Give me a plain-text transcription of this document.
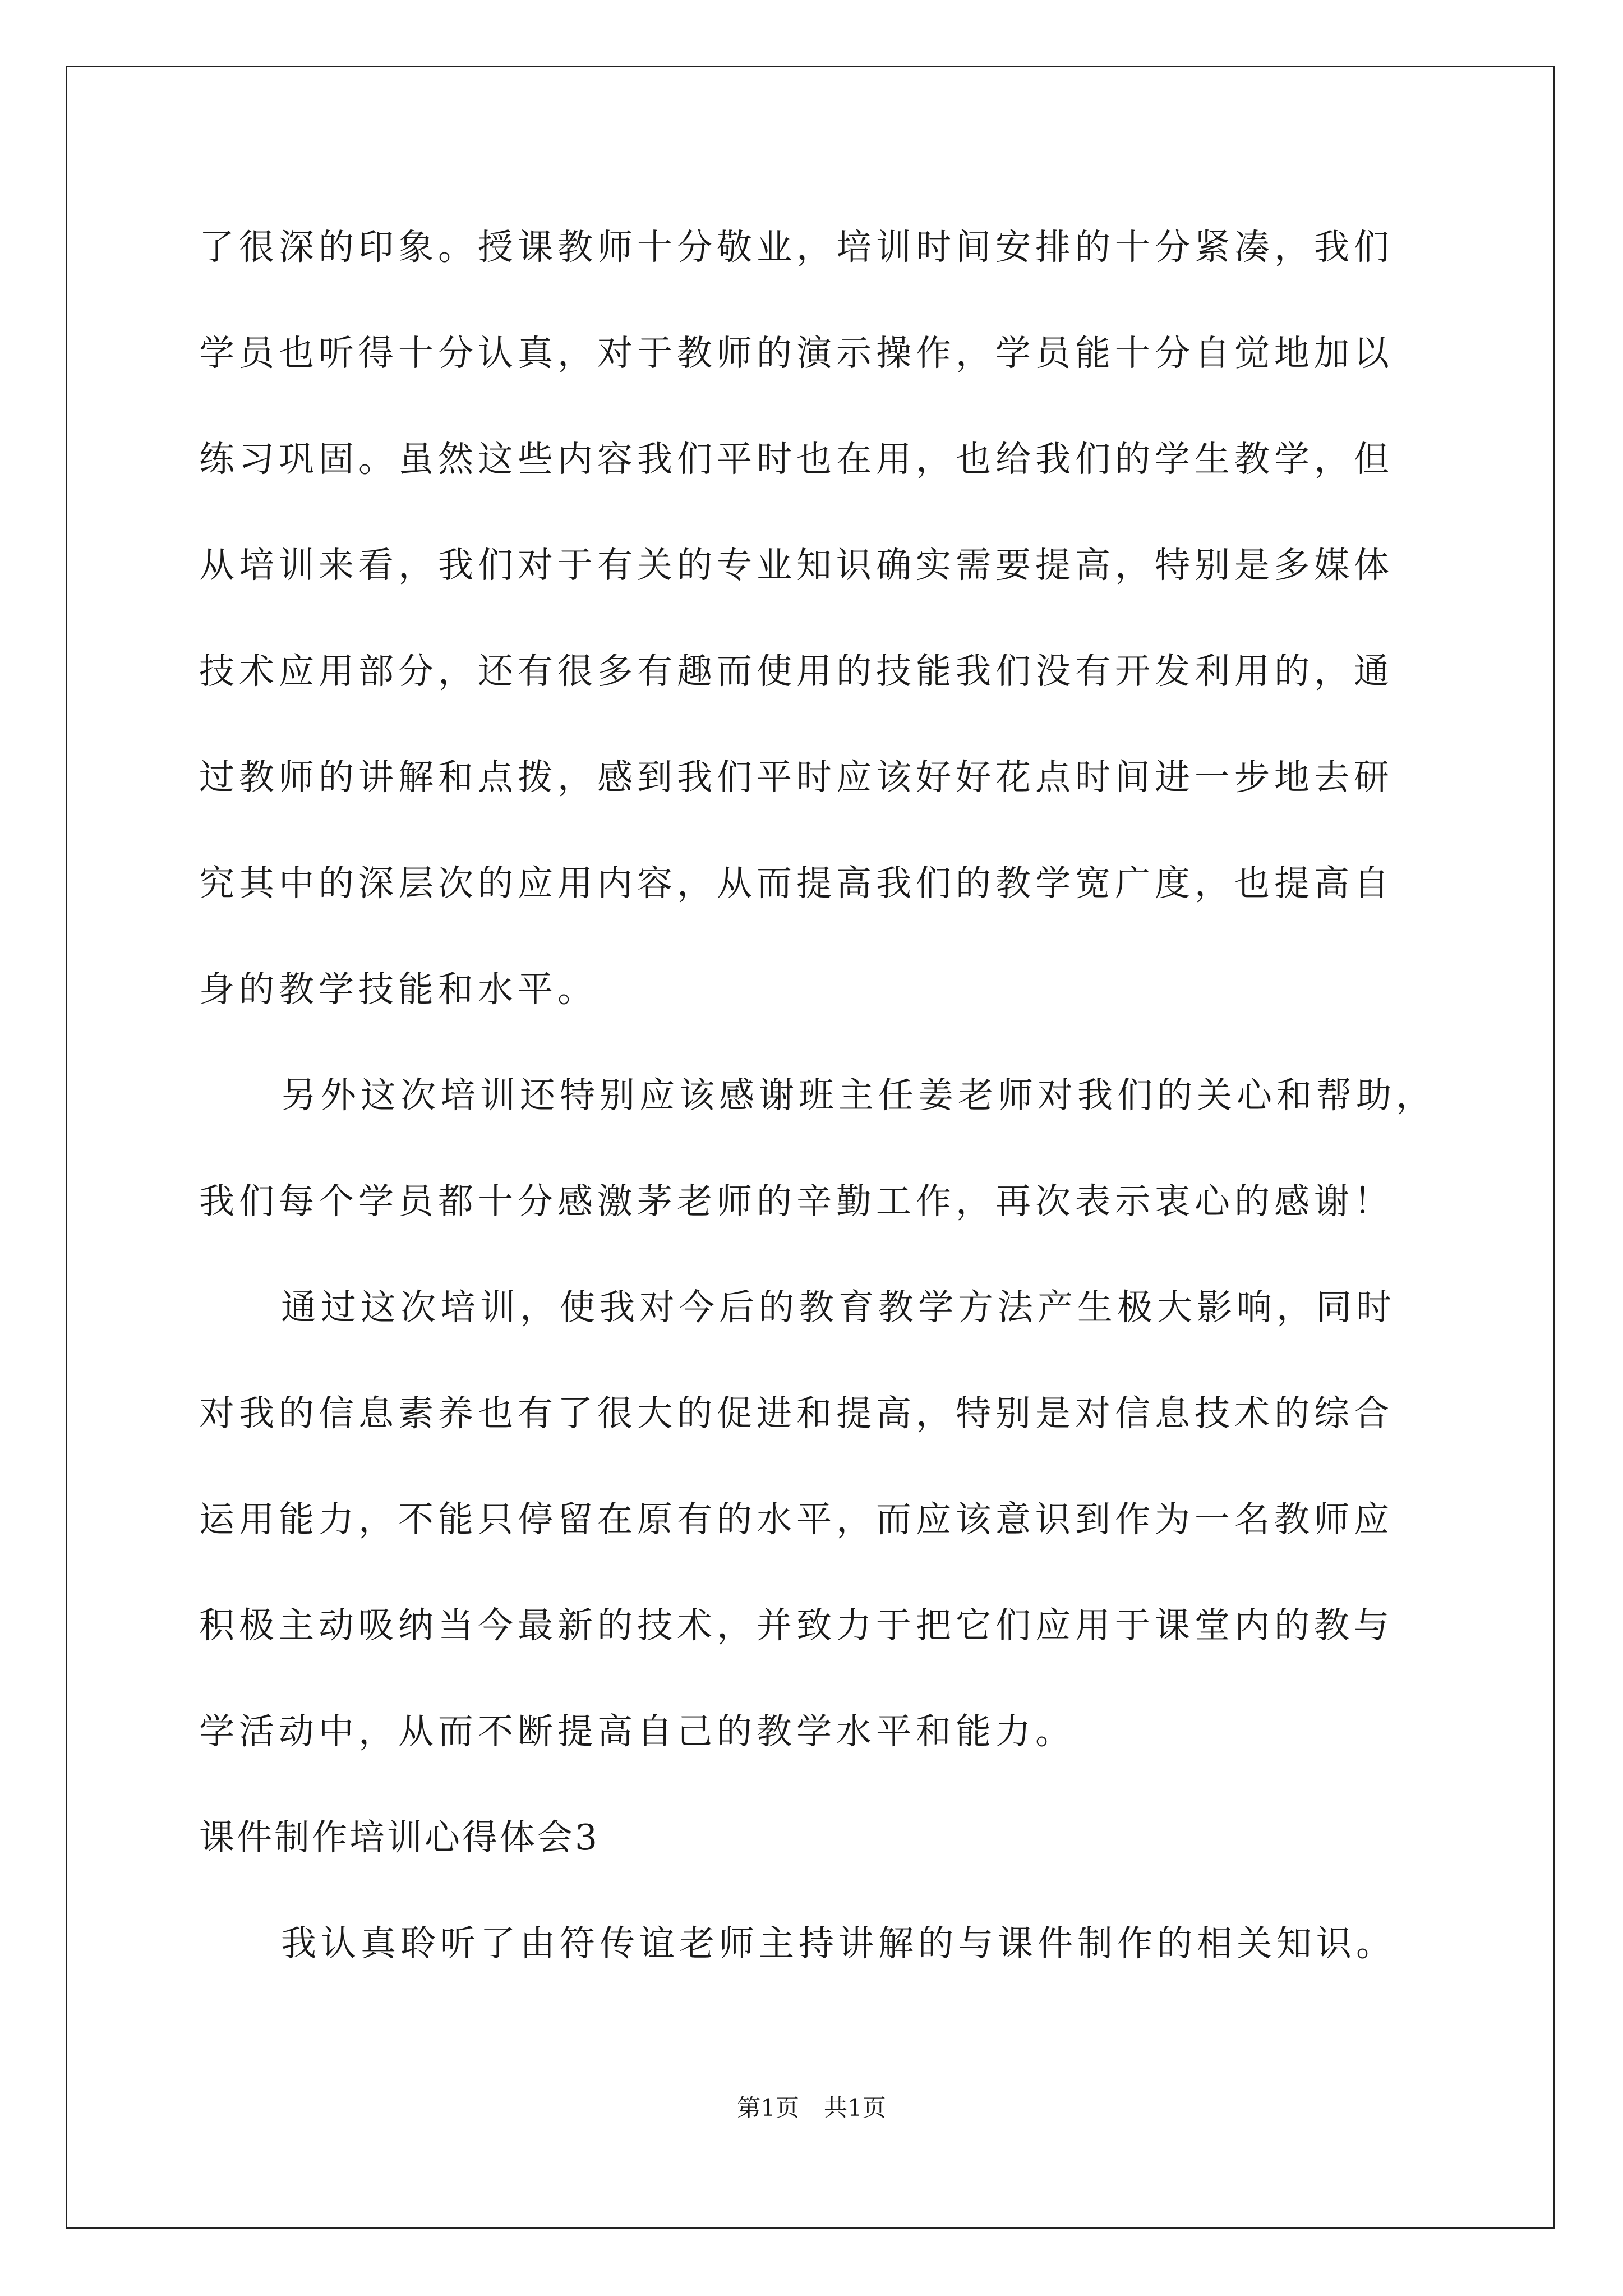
了很深的印象。授课教师十分敬业，培训时间安排的十分紧凑，我们
学员也听得十分认真，对于教师的演示操作，学员能十分自觉地加以
练习巩固。虽然这些内容我们平时也在用，也给我们的学生教学，但
从培训来看，我们对于有关的专业知识确实需要提高，特别是多媒体
技术应用部分，还有很多有趣而使用的技能我们没有开发利用的，通
过教师的讲解和点拨，感到我们平时应该好好花点时间进一步地去研
究其中的深层次的应用内容，从而提高我们的教学宽广度，也提高自
身的教学技能和水平。
另外这次培训还特别应该感谢班主任姜老师对我们的关心和帮助，
我们每个学员都十分感激茅老师的辛勤工作，再次表示衷心的感谢！
通过这次培训，使我对今后的教育教学方法产生极大影响，同时
对我的信息素养也有了很大的促进和提高，特别是对信息技术的综合
运用能力，不能只停留在原有的水平，而应该意识到作为一名教师应
积极主动吸纳当今最新的技术，并致力于把它们应用于课堂内的教与
学活动中，从而不断提高自己的教学水平和能力。
课件制作培训心得体会3
我认真聆听了由符传谊老师主持讲解的与课件制作的相关知识。
第1页 共1页
